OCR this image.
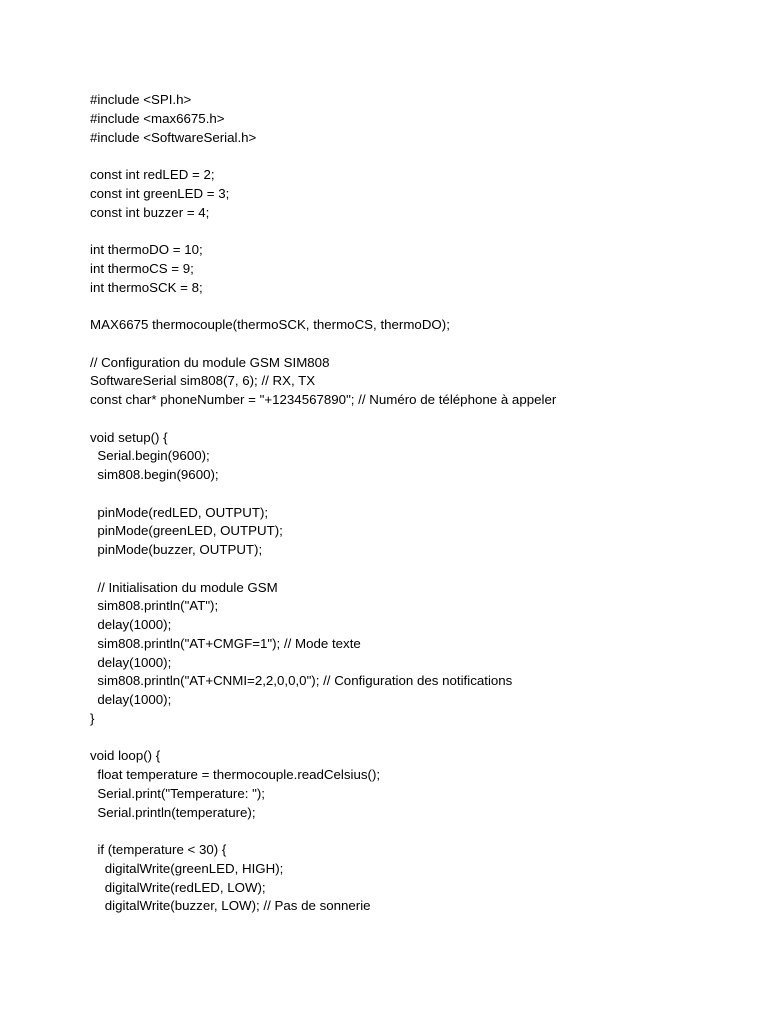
#include <SPI.h>
#include <max6675.h>
#include <SoftwareSerial.h>
const int redLED = 2;
const int greenLED = 3;
const int buzzer = 4;
int thermoDO = 10;
int thermoCS = 9;
int thermoSCK = 8;
MAX6675 thermocouple(thermoSCK, thermoCS, thermoDO);
// Configuration du module GSM SIM808
SoftwareSerial sim808(7, 6); // RX, TX
const char* phoneNumber = "+1234567890"; // Numéro de téléphone à appeler
void setup() {
Serial.begin(9600);
sim808.begin(9600);
pinMode(redLED, OUTPUT);
pinMode(greenLED, OUTPUT);
pinMode(buzzer, OUTPUT);
// Initialisation du module GSM
sim808.println("AT");
delay(1000);
sim808.println("AT+CMGF=1"); // Mode texte
delay(1000);
sim808.println("AT+CNMI=2,2,0,0,0"); // Configuration des notifications
delay(1000);
}
void loop() {
float temperature = thermocouple.readCelsius();
Serial.print("Temperature: ");
Serial.println(temperature);
if (temperature < 30) {
digitalWrite(greenLED, HIGH);
digitalWrite(redLED, LOW);
digitalWrite(buzzer, LOW); // Pas de sonnerie
